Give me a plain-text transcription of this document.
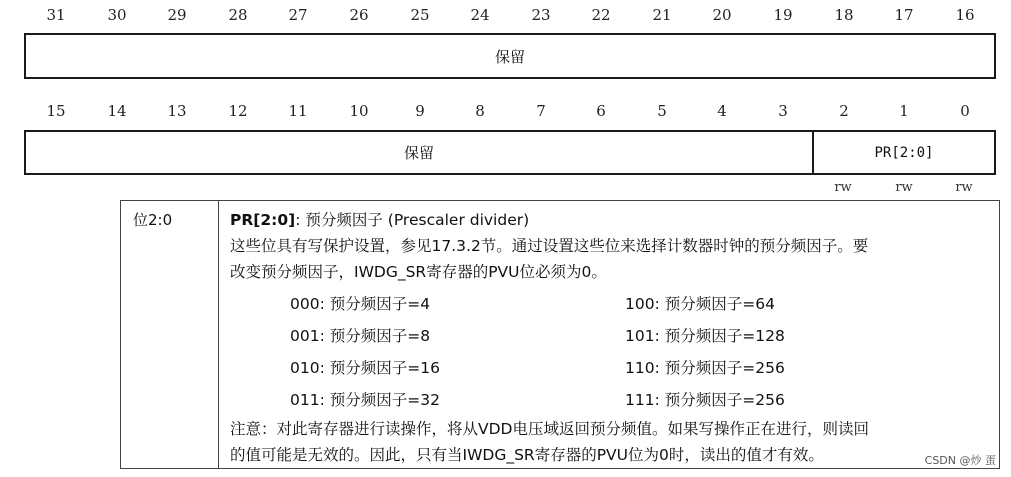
31	30	29	28	27	26	25	24	23	22	21	20	19	18	17	16
保留
15	14	13	12	11	10	9	8	7	6	5	4	3	2	1	0
保留	PR[2:0]
rw	rw	rw
位2:0	PR[2:0]: 预分频因子 (Prescaler divider)
这些位具有写保护设置，参见17.3.2节。通过设置这些位来选择计数器时钟的预分频因子。要
改变预分频因子，IWDG_SR寄存器的PVU位必须为0。
000: 预分频因子=4	100: 预分频因子=64
001: 预分频因子=8	101: 预分频因子=128
010: 预分频因子=16	110: 预分频因子=256
011: 预分频因子=32	111: 预分频因子=256
注意：对此寄存器进行读操作，将从VDD电压域返回预分频值。如果写操作正在进行，则读回
的值可能是无效的。因此，只有当IWDG_SR寄存器的PVU位为0时，读出的值才有效。	CSDN @炒 蛋
